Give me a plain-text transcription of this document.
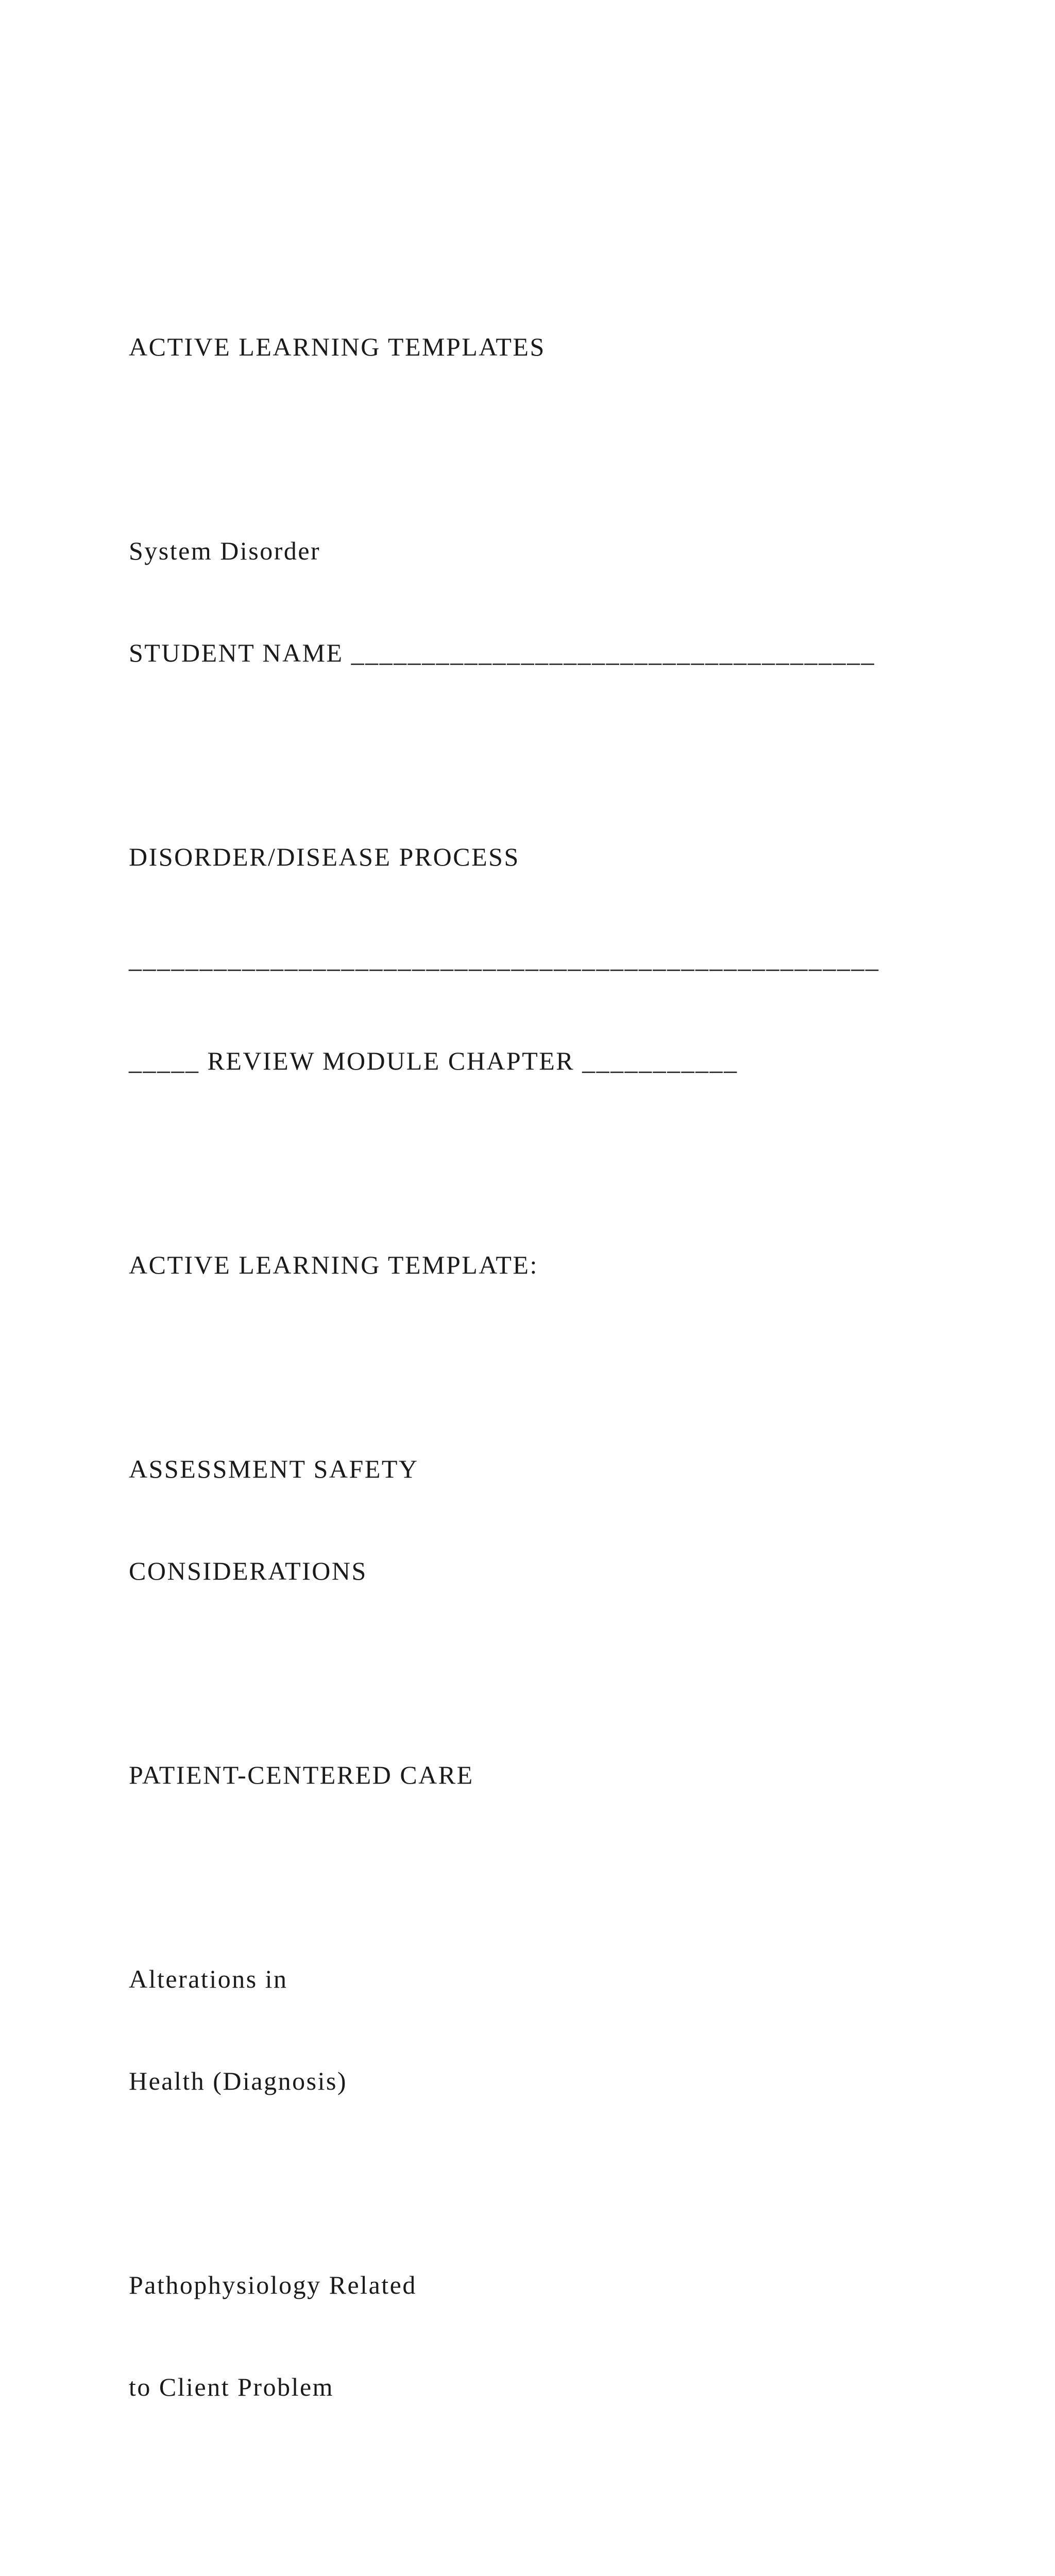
ACTIVE LEARNING TEMPLATES

System Disorder

STUDENT NAME _____________________________________

DISORDER/DISEASE PROCESS

_____________________________________________________

_____ REVIEW MODULE CHAPTER ___________

ACTIVE LEARNING TEMPLATE:

ASSESSMENT SAFETY

CONSIDERATIONS

PATIENT-CENTERED CARE

Alterations in

Health (Diagnosis)

Pathophysiology Related

to Client Problem
